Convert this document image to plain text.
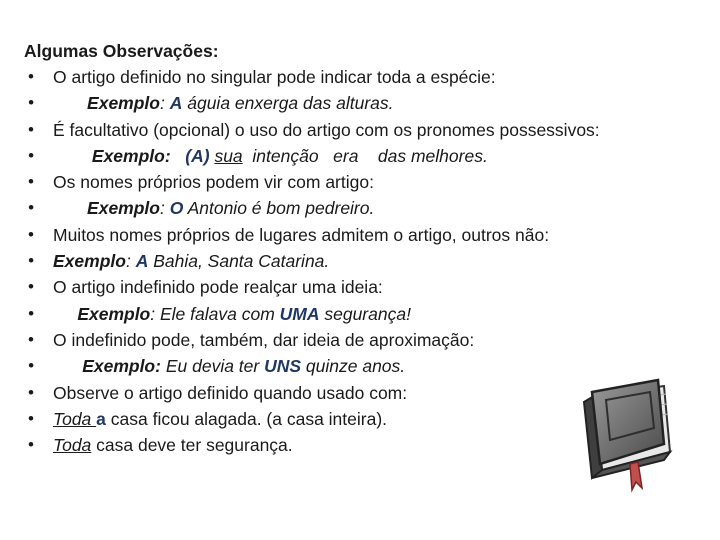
Algumas Observações:

• O artigo definido no singular pode indicar toda a espécie:
• Exemplo: A águia enxerga das alturas.
• É facultativo (opcional) o uso do artigo com os pronomes possessivos:
• Exemplo: (A) sua  intenção   era    das melhores.
• Os nomes próprios podem vir com artigo:
• Exemplo: O Antonio é bom pedreiro.
• Muitos nomes próprios de lugares admitem o artigo, outros não:
• Exemplo: A Bahia, Santa Catarina.
• O artigo indefinido pode realçar uma ideia:
• Exemplo: Ele falava com UMA segurança!
• O indefinido pode, também, dar ideia de aproximação:
• Exemplo: Eu devia ter UNS quinze anos.
• Observe o artigo definido quando usado com:
• Toda a casa ficou alagada. (a casa inteira).
• Toda casa deve ter segurança.
